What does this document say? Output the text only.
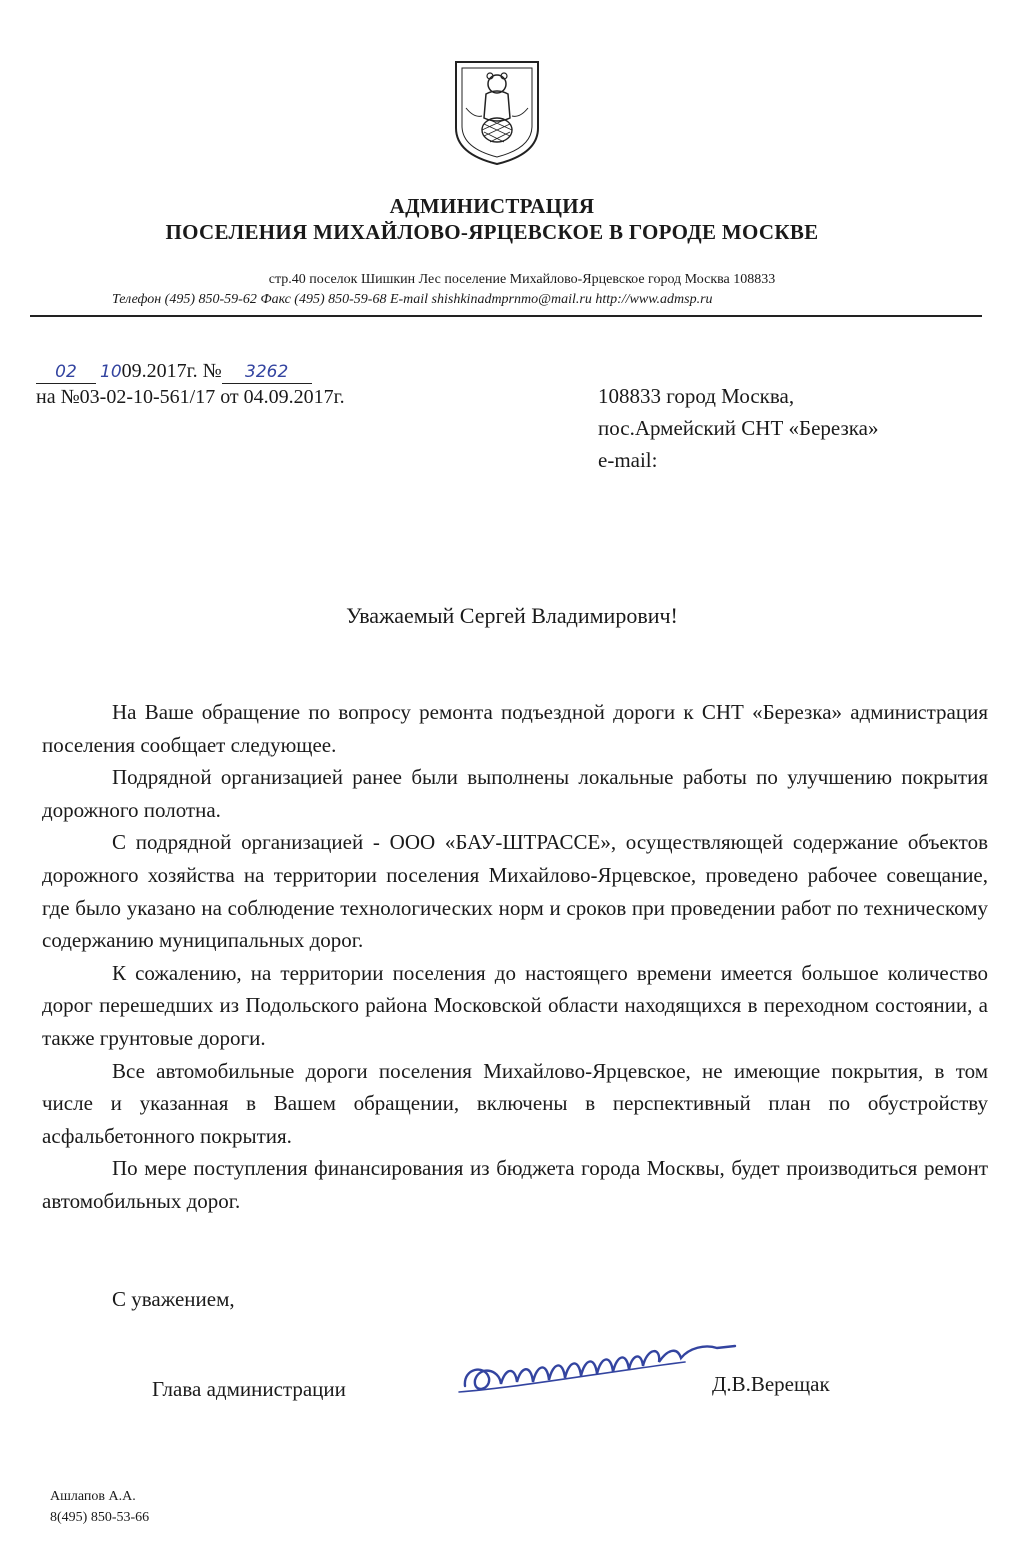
АДМИНИСТРАЦИЯ
ПОСЕЛЕНИЯ МИХАЙЛОВО-ЯРЦЕВСКОЕ В ГОРОДЕ МОСКВЕ
стр.40 поселок Шишкин Лес поселение Михайлово-Ярцевское город Москва 108833
Телефон (495) 850-59-62 Факс (495) 850-59-68 E-mail shishkinadmprnmo@mail.ru http://www.admsp.ru
02 1009.2017г. № 3262
на №03-02-10-561/17 от 04.09.2017г.	108833 город Москва,
пос.Армейский СНТ «Березка»
e-mail:
Уважаемый Сергей Владимирович!

На Ваше обращение по вопросу ремонта подъездной дороги к СНТ «Березка» администрация поселения сообщает следующее.

Подрядной организацией ранее были выполнены локальные работы по улучшению покрытия дорожного полотна.

С подрядной организацией - ООО «БАУ-ШТРАССЕ», осуществляющей содержание объектов дорожного хозяйства на территории поселения Михайлово-Ярцевское, проведено рабочее совещание, где было указано на соблюдение технологических норм и сроков при проведении работ по техническому содержанию муниципальных дорог.

К сожалению, на территории поселения до настоящего времени имеется большое количество дорог перешедших из Подольского района Московской области находящихся в переходном состоянии, а также грунтовые дороги.

Все автомобильные дороги поселения Михайлово-Ярцевское, не имеющие покрытия, в том числе и указанная в Вашем обращении, включены в перспективный план по обустройству асфальбетонного покрытия.

По мере поступления финансирования из бюджета города Москвы, будет производиться ремонт автомобильных дорог.

С уважением,
Глава администрации	Д.В.Верещак
Ашлапов А.А.
8(495) 850-53-66
